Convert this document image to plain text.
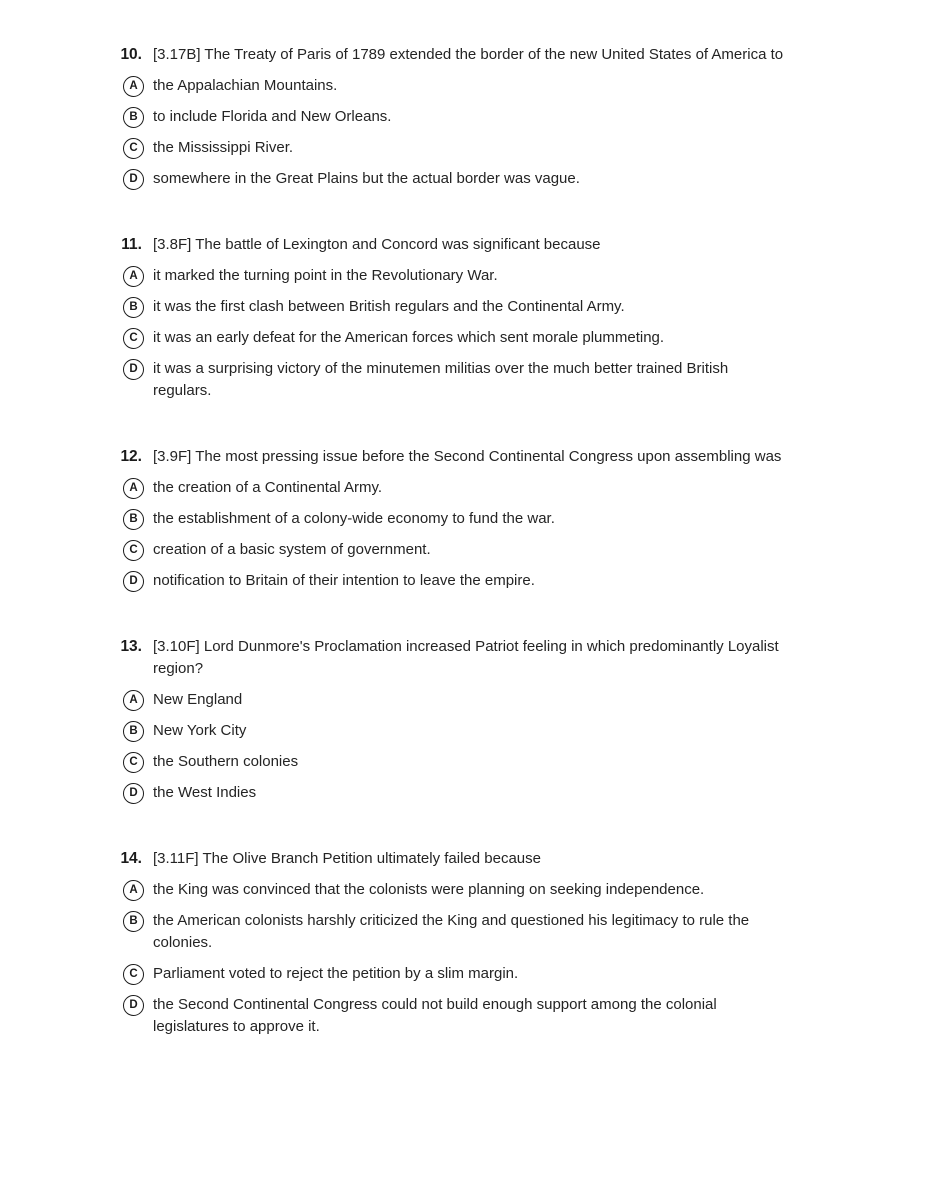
10. [3.17B] The Treaty of Paris of 1789 extended the border of the new United States of America to
A the Appalachian Mountains.
B to include Florida and New Orleans.
C the Mississippi River.
D somewhere in the Great Plains but the actual border was vague.
11. [3.8F] The battle of Lexington and Concord was significant because
A it marked the turning point in the Revolutionary War.
B it was the first clash between British regulars and the Continental Army.
C it was an early defeat for the American forces which sent morale plummeting.
D it was a surprising victory of the minutemen militias over the much better trained British
regulars.
12. [3.9F] The most pressing issue before the Second Continental Congress upon assembling was
A the creation of a Continental Army.
B the establishment of a colony-wide economy to fund the war.
C creation of a basic system of government.
D notification to Britain of their intention to leave the empire.
13. [3.10F] Lord Dunmore's Proclamation increased Patriot feeling in which predominantly Loyalist
region?
A New England
B New York City
C the Southern colonies
D the West Indies
14. [3.11F] The Olive Branch Petition ultimately failed because
A the King was convinced that the colonists were planning on seeking independence.
B the American colonists harshly criticized the King and questioned his legitimacy to rule the
colonies.
C Parliament voted to reject the petition by a slim margin.
D the Second Continental Congress could not build enough support among the colonial
legislatures to approve it.
